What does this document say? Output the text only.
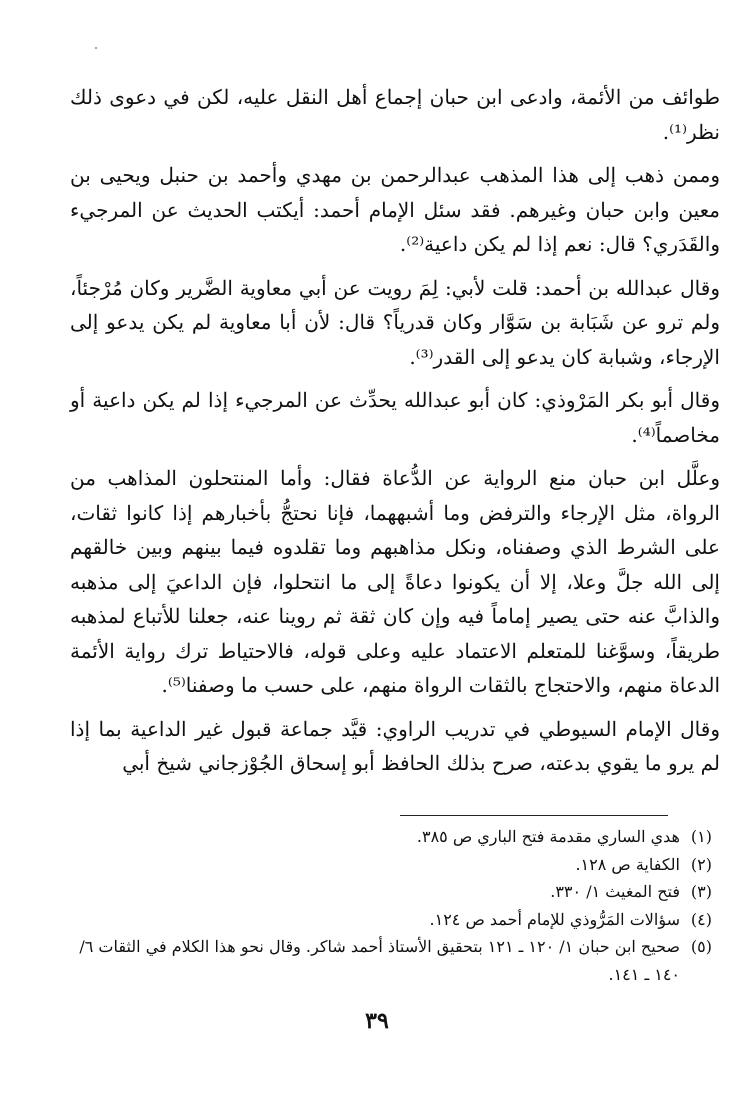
طوائف من الأئمة، وادعى ابن حبان إجماع أهل النقل عليه، لكن في دعوى ذلك نظر⁽¹⁾.

وممن ذهب إلى هذا المذهب عبدالرحمن بن مهدي وأحمد بن حنبل ويحيى بن معين وابن حبان وغيرهم. فقد سئل الإمام أحمد: أيكتب الحديث عن المرجيء والقَدَري؟ قال: نعم إذا لم يكن داعية⁽²⁾.

وقال عبدالله بن أحمد: قلت لأبي: لِمَ رويت عن أبي معاوية الضَّرير وكان مُرْجئاً، ولم ترو عن شَبَابة بن سَوَّار وكان قدرياً؟ قال: لأن أبا معاوية لم يكن يدعو إلى الإرجاء، وشبابة كان يدعو إلى القدر⁽³⁾.

وقال أبو بكر المَرْوذي: كان أبو عبدالله يحدِّث عن المرجيء إذا لم يكن داعية أو مخاصماً⁽⁴⁾.

وعلَّل ابن حبان منع الرواية عن الدُّعاة فقال: وأما المنتحلون المذاهب من الرواة، مثل الإرجاء والترفض وما أشبههما، فإنا نحتجُّ بأخبارهم إذا كانوا ثقات، على الشرط الذي وصفناه، ونكل مذاهبهم وما تقلدوه فيما بينهم وبين خالقهم إلى الله جلَّ وعلا، إلا أن يكونوا دعاةً إلى ما انتحلوا، فإن الداعيَ إلى مذهبه والذابَّ عنه حتى يصير إماماً فيه وإن كان ثقة ثم روينا عنه، جعلنا للأتباع لمذهبه طريقاً، وسوَّغنا للمتعلم الاعتماد عليه وعلى قوله، فالاحتياط ترك رواية الأئمة الدعاة منهم، والاحتجاج بالثقات الرواة منهم، على حسب ما وصفنا⁽⁵⁾.

وقال الإمام السيوطي في تدريب الراوي: قيَّد جماعة قبول غير الداعية بما إذا لم يرو ما يقوي بدعته، صرح بذلك الحافظ أبو إسحاق الجُوْزجاني شيخ أبي

(١)
هدي الساري مقدمة فتح الباري ص ٣٨٥.
(٢)
الكفاية ص ١٢٨.
(٣)
فتح المغيث ١/ ٣٣٠.
(٤)
سؤالات المَرُّوذي للإمام أحمد ص ١٢٤.
(٥)
صحيح ابن حبان ١/ ١٢٠ ـ ١٢١ بتحقيق الأستاذ أحمد شاكر. وقال نحو هذا الكلام في الثقات ٦/ ١٤٠ ـ ١٤١.
٣٩
